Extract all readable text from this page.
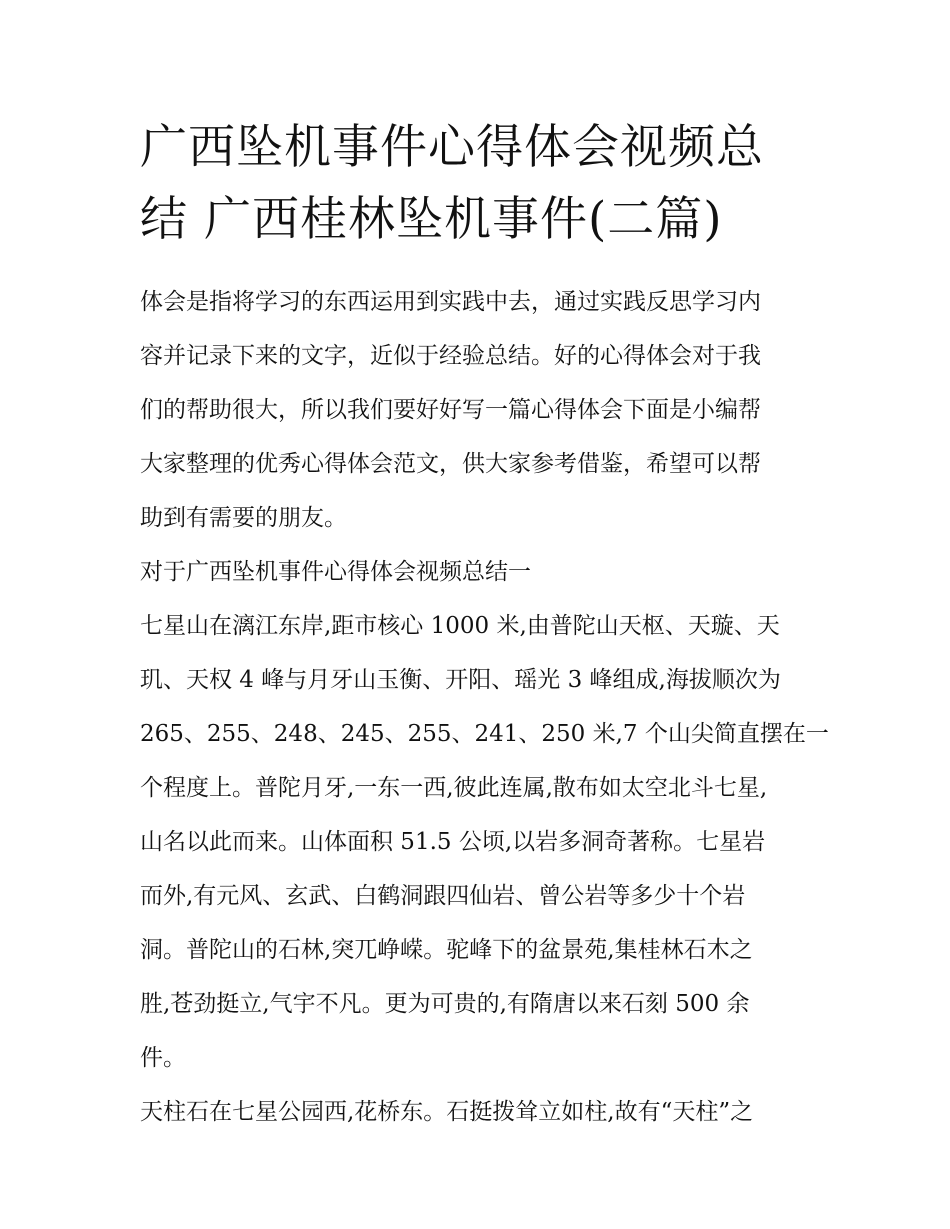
广西坠机事件心得体会视频总
结 广西桂林坠机事件(二篇)

体会是指将学习的东西运用到实践中去，通过实践反思学习内
容并记录下来的文字，近似于经验总结。好的心得体会对于我
们的帮助很大，所以我们要好好写一篇心得体会下面是小编帮
大家整理的优秀心得体会范文，供大家参考借鉴，希望可以帮
助到有需要的朋友。

对于广西坠机事件心得体会视频总结一

七星山在漓江东岸,距市核心 1000 米,由普陀山天枢、天璇、天
玑、天权 4 峰与月牙山玉衡、开阳、瑶光 3 峰组成,海拔顺次为
265、255、248、245、255、241、250 米,7 个山尖简直摆在一
个程度上。普陀月牙,一东一西,彼此连属,散布如太空北斗七星,
山名以此而来。山体面积 51.5 公顷,以岩多洞奇著称。七星岩
而外,有元风、玄武、白鹤洞跟四仙岩、曾公岩等多少十个岩
洞。普陀山的石林,突兀峥嵘。驼峰下的盆景苑,集桂林石木之
胜,苍劲挺立,气宇不凡。更为可贵的,有隋唐以来石刻 500 余
件。

天柱石在七星公园西,花桥东。石挺拨耸立如柱,故有“天柱”之
